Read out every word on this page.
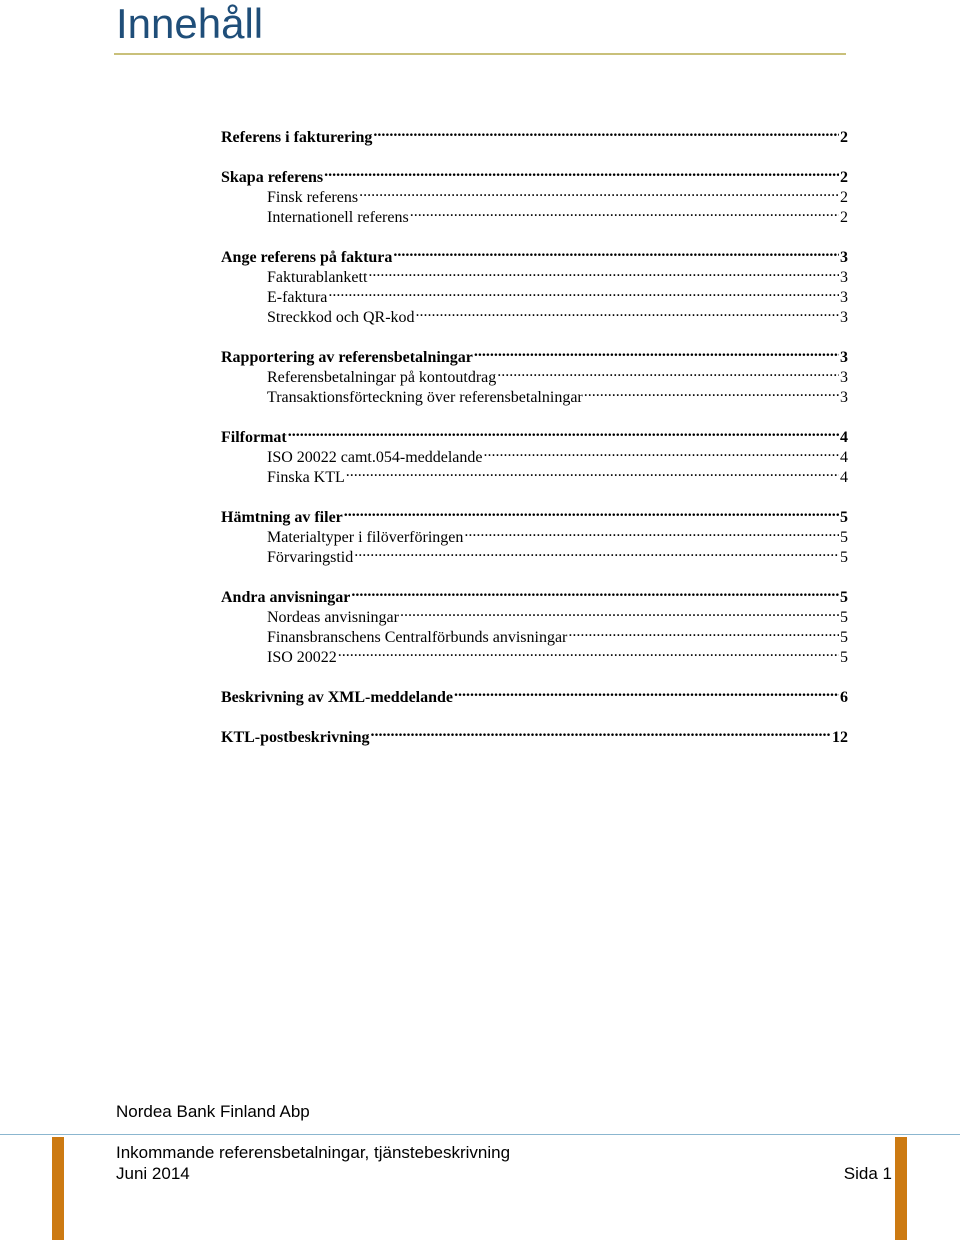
Innehåll
Referens i fakturering .....	2
Skapa referens .....	2
Finsk referens .....	2
Internationell referens .....	2
Ange referens på faktura .....	3
Fakturablankett .....	3
E-faktura .....	3
Streckkod och QR-kod .....	3
Rapportering av referensbetalningar .....	3
Referensbetalningar på kontoutdrag .....	3
Transaktionsförteckning över referensbetalningar .....	3
Filformat .....	4
ISO 20022 camt.054-meddelande .....	4
Finska KTL .....	4
Hämtning av filer .....	5
Materialtyper i filöverföringen .....	5
Förvaringstid .....	5
Andra anvisningar .....	5
Nordeas anvisningar .....	5
Finansbranschens Centralförbunds anvisningar .....	5
ISO 20022 .....	5
Beskrivning av XML-meddelande .....	6
KTL-postbeskrivning .....	12
Nordea Bank Finland Abp
Inkommande referensbetalningar, tjänstebeskrivning
Juni 2014	Sida 1
